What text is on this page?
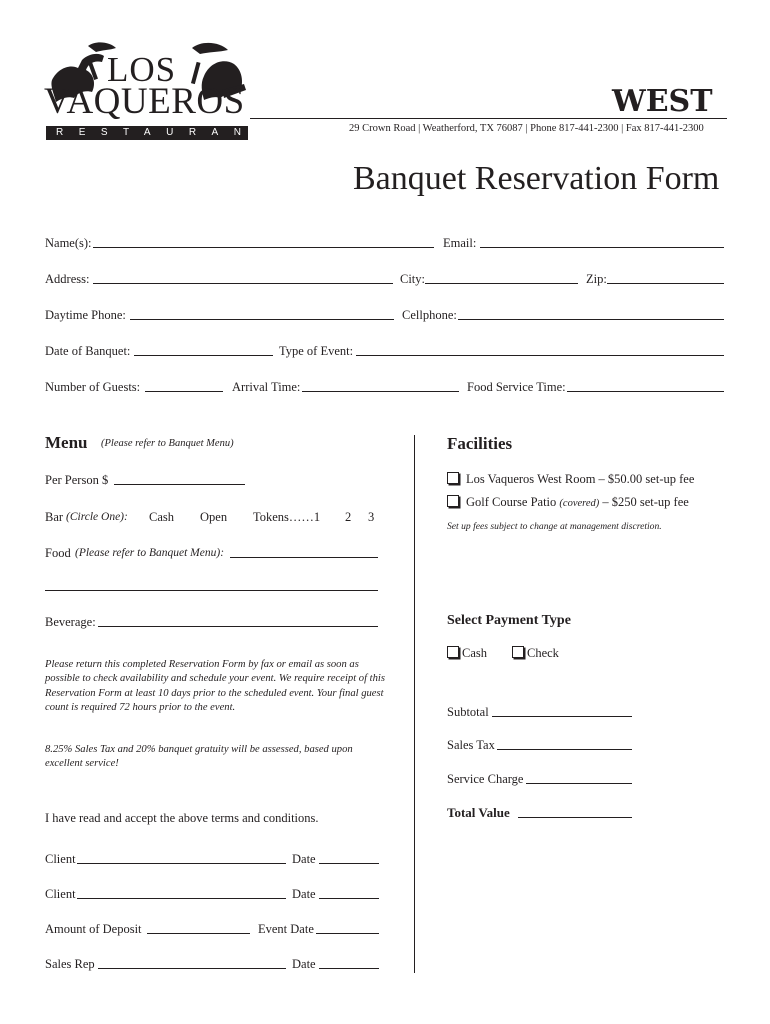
LOS
VAQUEROS
RESTAURANT
WEST
29 Crown Road | Weatherford, TX 76087 | Phone 817-441-2300 | Fax 817-441-2300
Banquet Reservation Form
Name(s):	Email:
Address:	City:	Zip:
Daytime Phone:	Cellphone:
Date of Banquet:	Type of Event:
Number of Guests:	Arrival Time:	Food Service Time:
Menu (Please refer to Banquet Menu)
Per Person $
Bar (Circle One): Cash Open Tokens……1 2 3
Food (Please refer to Banquet Menu):
Beverage:
Please return this completed Reservation Form by fax or email as soon as possible to check availability and schedule your event. We require receipt of this Reservation Form at least 10 days prior to the scheduled event. Your final guest count is required 72 hours prior to the event.
8.25% Sales Tax and 20% banquet gratuity will be assessed, based upon excellent service!
I have read and accept the above terms and conditions.
Client	Date
Client	Date
Amount of Deposit	Event Date
Sales Rep	Date
Facilities
Los Vaqueros West Room – $50.00 set-up fee
Golf Course Patio (covered) – $250 set-up fee
Set up fees subject to change at management discretion.
Select Payment Type
Cash	Check
Subtotal
Sales Tax
Service Charge
Total Value
